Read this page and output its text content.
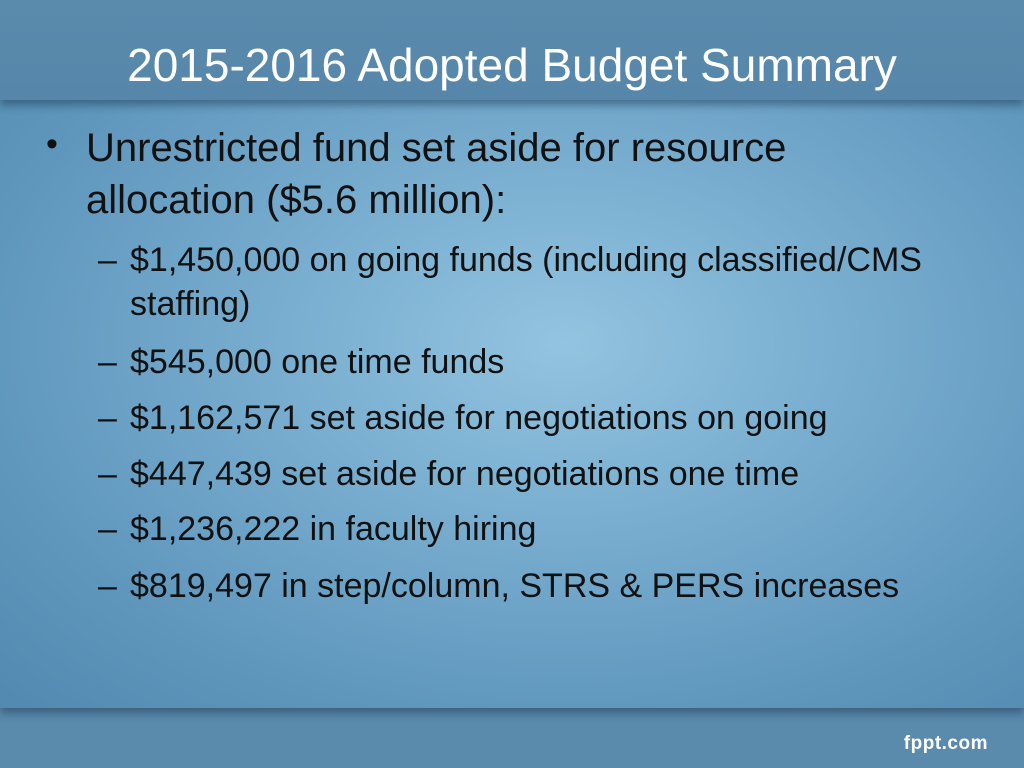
2015-2016 Adopted Budget Summary
• Unrestricted fund set aside for resource allocation ($5.6 million):
– $1,450,000 on going funds (including classified/CMS staffing)
– $545,000 one time funds
– $1,162,571 set aside for negotiations on going
– $447,439 set aside for negotiations one time
– $1,236,222 in faculty hiring
– $819,497 in step/column, STRS & PERS increases
fppt.com
